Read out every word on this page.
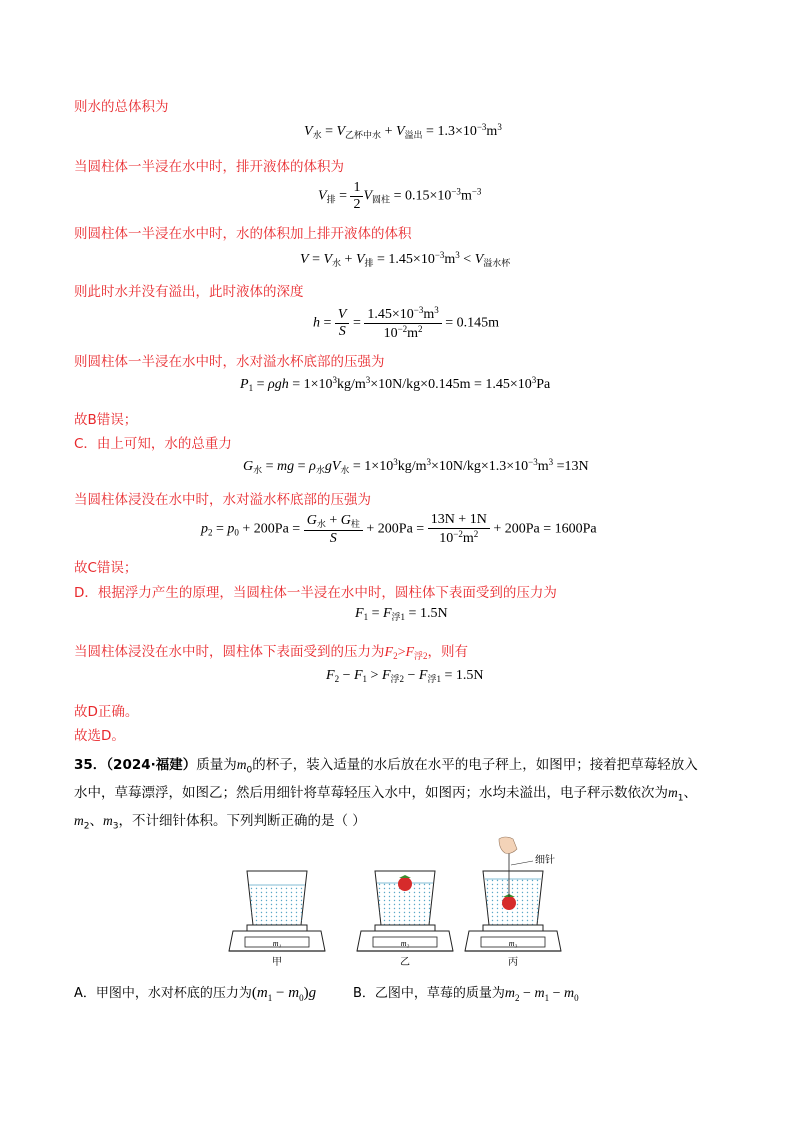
则水的总体积为
$V_水 = V_{乙杯中水} + V_{溢出} = 1.3\times 10^{-3}m^3$
当圆柱体一半浸在水中时，排开液体的体积为
$V_排 = \frac{1}{2} V_{圆柱} = 0.15\times 10^{-3}m^{-3}$
则圆柱体一半浸在水中时，水的体积加上排开液体的体积
$V = V_水 + V_排 = 1.45\times 10^{-3}m^3 < V_{溢水杯}$
则此时水并没有溢出，此时液体的深度
$h = \frac{V}{S} = \frac{1.45\times 10^{-3}m^3}{10^{-2}m^2} = 0.145m$
则圆柱体一半浸在水中时，水对溢水杯底部的压强为
$P_1 = \rho gh = 1\times 10^3kg/m^3\times 10N/kg\times 0.145m = 1.45\times 10^3Pa$
故B错误；
C．由上可知，水的总重力
$G_水$ = mg = $\rho_水gV_水 = 1\times 10^3kg/m^3\times 10N/kg\times 1.3\times 10^{-3}m^3 =13N$
当圆柱体浸没在水中时，水对溢水杯底部的压强为
$p_2 = p_0 + 200Pa = \frac{G_水 + G_柱}{S} + 200Pa = \frac{13N + 1N}{10^{-2}m^2} + 200Pa = 1600Pa$
故C错误；
D．根据浮力产生的原理，当圆柱体一半浸在水中时，圆柱体下表面受到的压力为
$F_1 = F_{浮1} = 1.5N$
当圆柱体浸没在水中时，圆柱体下表面受到的压力为$F_2>F_{浮2}$，则有
$F_2 - F_1 > F_{浮2} - F_{浮1} = 1.5N$
故D正确。
故选D。
35．（2024·福建）质量为$m_0$的杯子，装入适量的水后放在水平的电子秤上，如图甲；接着把草莓轻放入
水中，草莓漂浮，如图乙；然后用细针将草莓轻压入水中，如图丙；水均未溢出，电子秤示数依次为$m_1$、
$m_2$、$m_3$，不计细针体积。下列判断正确的是（ ）
m₁
甲
m₂
乙
细针
m₃
丙
A．甲图中，水对杯底的压力为$(m_1 - m_0)g$	B．乙图中，草莓的质量为$m_2 - m_1 - m_0$
